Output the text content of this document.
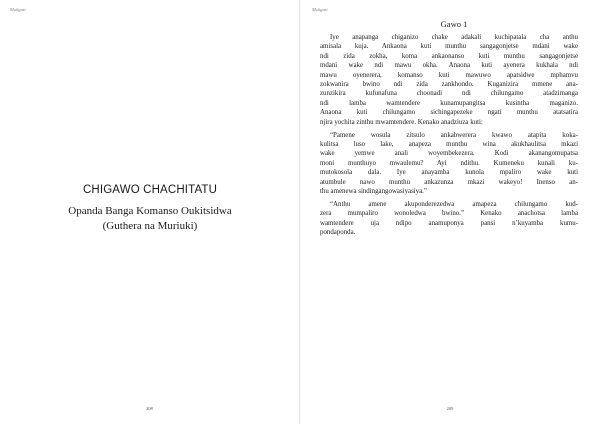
Mokgati
CHIGAWO CHACHITATU
Opanda Banga Komanso Oukitsidwa
(Guthera na Muriuki)
208
Mokgati
Gawo 1
Iye anapanga chiganizo chake adakali kuchipatala cha anthu
amisala kuja. Ankaona kuti munthu sangagonjetse mdani wake
ndi zida zokha, koma ankaonanso kuti munthu sangagonjetse
mdani wake ndi mawu okha. Anaona kuti ayenera kukhala ndi
mawu oyenerera, komanso kuti mawuwo apatsidwe mphamvu
zokwanira bwino ndi zida zankhondo. Kuganizira mmene ana-
zunzikira kufunafuna choonadi ndi chilungamo atadzimanga
ndi lamba wamtendere kunamupangitsa kusintha maganizo.
Anaona kuti chilungamo sichingapezeke ngati munthu atatsatira
njira yochita zinthu mwamtendere. Kenako anadziuza kuti:
“Pamene wosula zitsulo ankabwerera kwawo atapita koka-
kulitsa luso lake, anapeza munthu wina akukhaulitsa mkazi
wake yemwe anali woyembekezera. Kodi akanangomupatsa
moni munthuyo mwaulemu? Ayi ndithu. Kumeneku kunali ku-
mutokosola dala. Iye anayamba kunola mpaliro wake kuti
atumbule nawo munthu ankazunza mkazi wakeyo! Inenso an-
thu amenewa sindingangowasiyasiya.”
“Anthu amene akuponderezedwa amapeza chilungamo kud-
zera mumpaliro wonoledwa bwino.” Kenako anachotsa lamba
wamtendere uja ndipo anamuponya pansi n’kuyamba kumu-
pondaponda.
209
